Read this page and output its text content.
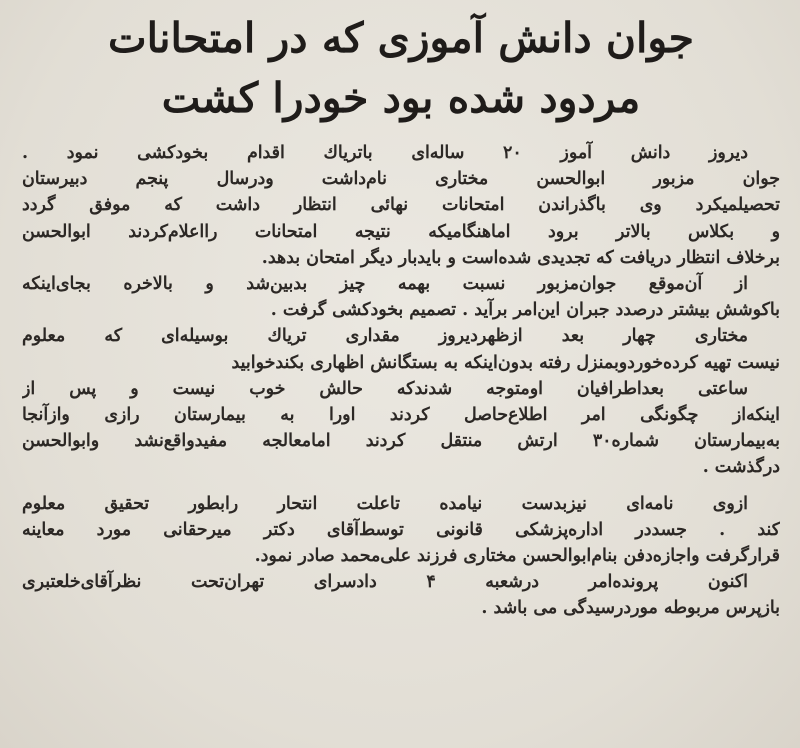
جوان دانش آموزی که در امتحانات
مردود شده بود خودرا کشت
دیروز دانش آموز ۲۰ ساله‌ای باتریاك اقدام بخودکشی نمود .
جوان مزبور ابوالحسن مختاری نام‌داشت ودرسال پنجم دبیرستان
تحصیلمیکرد وی باگذراندن امتحانات نهائی انتظار داشت که موفق گردد
و بکلاس بالاتر برود اماهنگامیکه نتیجه امتحانات رااعلام‌کردند ابوالحسن
برخلاف انتظار دریافت که تجدیدی شده‌است و بایدبار دیگر امتحان بدهد.
از آن‌موقع جوان‌مزبور نسبت بهمه چیز بدبین‌شد و بالاخره بجای‌اینکه
باکوشش بیشتر درصدد جبران این‌امر برآید . تصمیم بخودکشی گرفت .
مختاری چهار بعد ازظهردیروز مقداری تریاك بوسیله‌ای که معلوم
نیست تهیه کرده‌خوردوبمنزل رفته بدون‌اینکه به بستگانش اظهاری بکندخوابید
ساعتی بعداطرافیان اومتوجه شدندکه حالش خوب نیست و پس از
اینکه‌از چگونگی امر اطلاع‌حاصل کردند اورا به بیمارستان رازی وازآنجا
به‌بیمارستان شماره۳۰ ارتش منتقل کردند امامعالجه مفیدواقع‌نشد وابوالحسن
درگذشت .
ازوی نامه‌ای نیزبدست نیامده تاعلت انتحار رابطور تحقیق معلوم
کند . جسددر اداره‌پزشکی قانونی توسط‌آقای دکتر میرحقانی مورد معاینه
قرارگرفت واجازه‌دفن بنام‌ابوالحسن مختاری فرزند علی‌محمد صادر نمود.
اکنون پرونده‌امر درشعبه ۴ دادسرای تهران‌تحت نظرآقای‌خلعتبری
بازپرس مربوطه موردرسیدگی می باشد .
